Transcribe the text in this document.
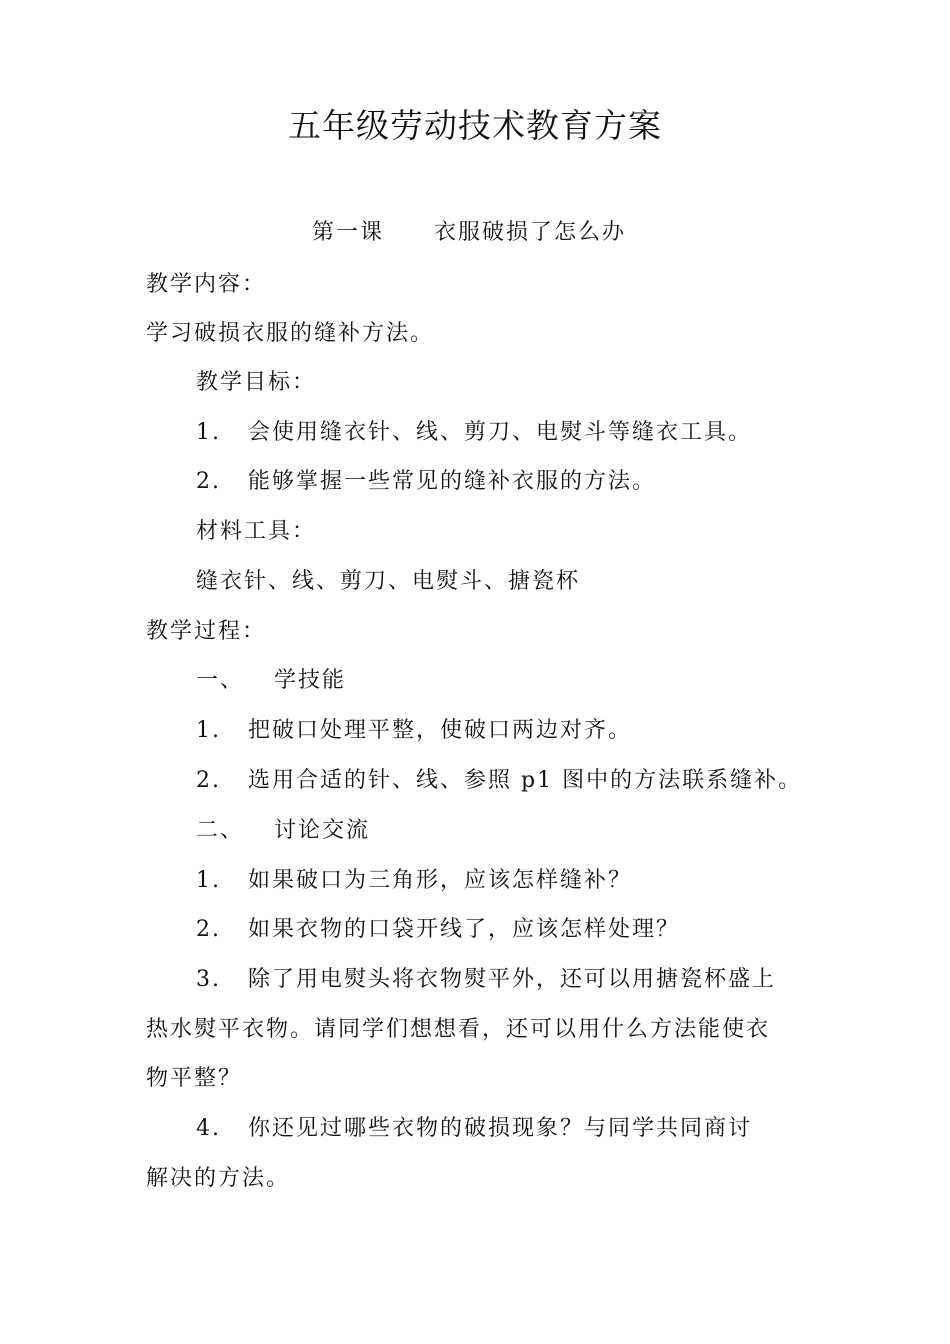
五年级劳动技术教育方案
第一课 衣服破损了怎么办
教学内容：
学习破损衣服的缝补方法。
教学目标：
1. 会使用缝衣针、线、剪刀、电熨斗等缝衣工具。
2. 能够掌握一些常见的缝补衣服的方法。
材料工具：
缝衣针、线、剪刀、电熨斗、搪瓷杯
教学过程：
一、 学技能
1. 把破口处理平整，使破口两边对齐。
2. 选用合适的针、线、参照 p1 图中的方法联系缝补。
二、 讨论交流
1. 如果破口为三角形，应该怎样缝补？
2. 如果衣物的口袋开线了，应该怎样处理？
3. 除了用电熨头将衣物熨平外，还可以用搪瓷杯盛上
热水熨平衣物。请同学们想想看，还可以用什么方法能使衣
物平整？
4. 你还见过哪些衣物的破损现象？与同学共同商讨
解决的方法。
